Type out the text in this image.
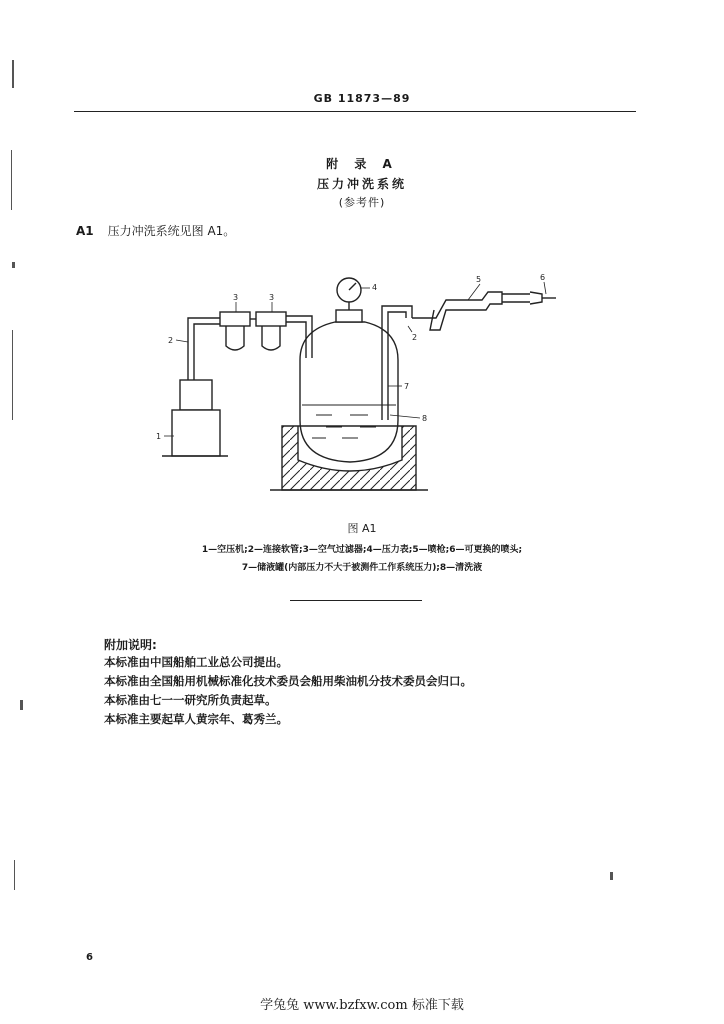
GB 11873—89
附 录 A
压力冲洗系统
(参考件)
A1 压力冲洗系统见图 A1。
1
2
3	3
4
2
5	6
7
8
图 A1
1—空压机;2—连接软管;3—空气过滤器;4—压力表;5—喷枪;6—可更换的喷头;
7—储液罐(内部压力不大于被测件工作系统压力);8—清洗液
附加说明:
本标准由中国船舶工业总公司提出。
本标准由全国船用机械标准化技术委员会船用柴油机分技术委员会归口。
本标准由七一一研究所负责起草。
本标准主要起草人黄宗年、葛秀兰。
6
学兔兔 www.bzfxw.com 标准下载
